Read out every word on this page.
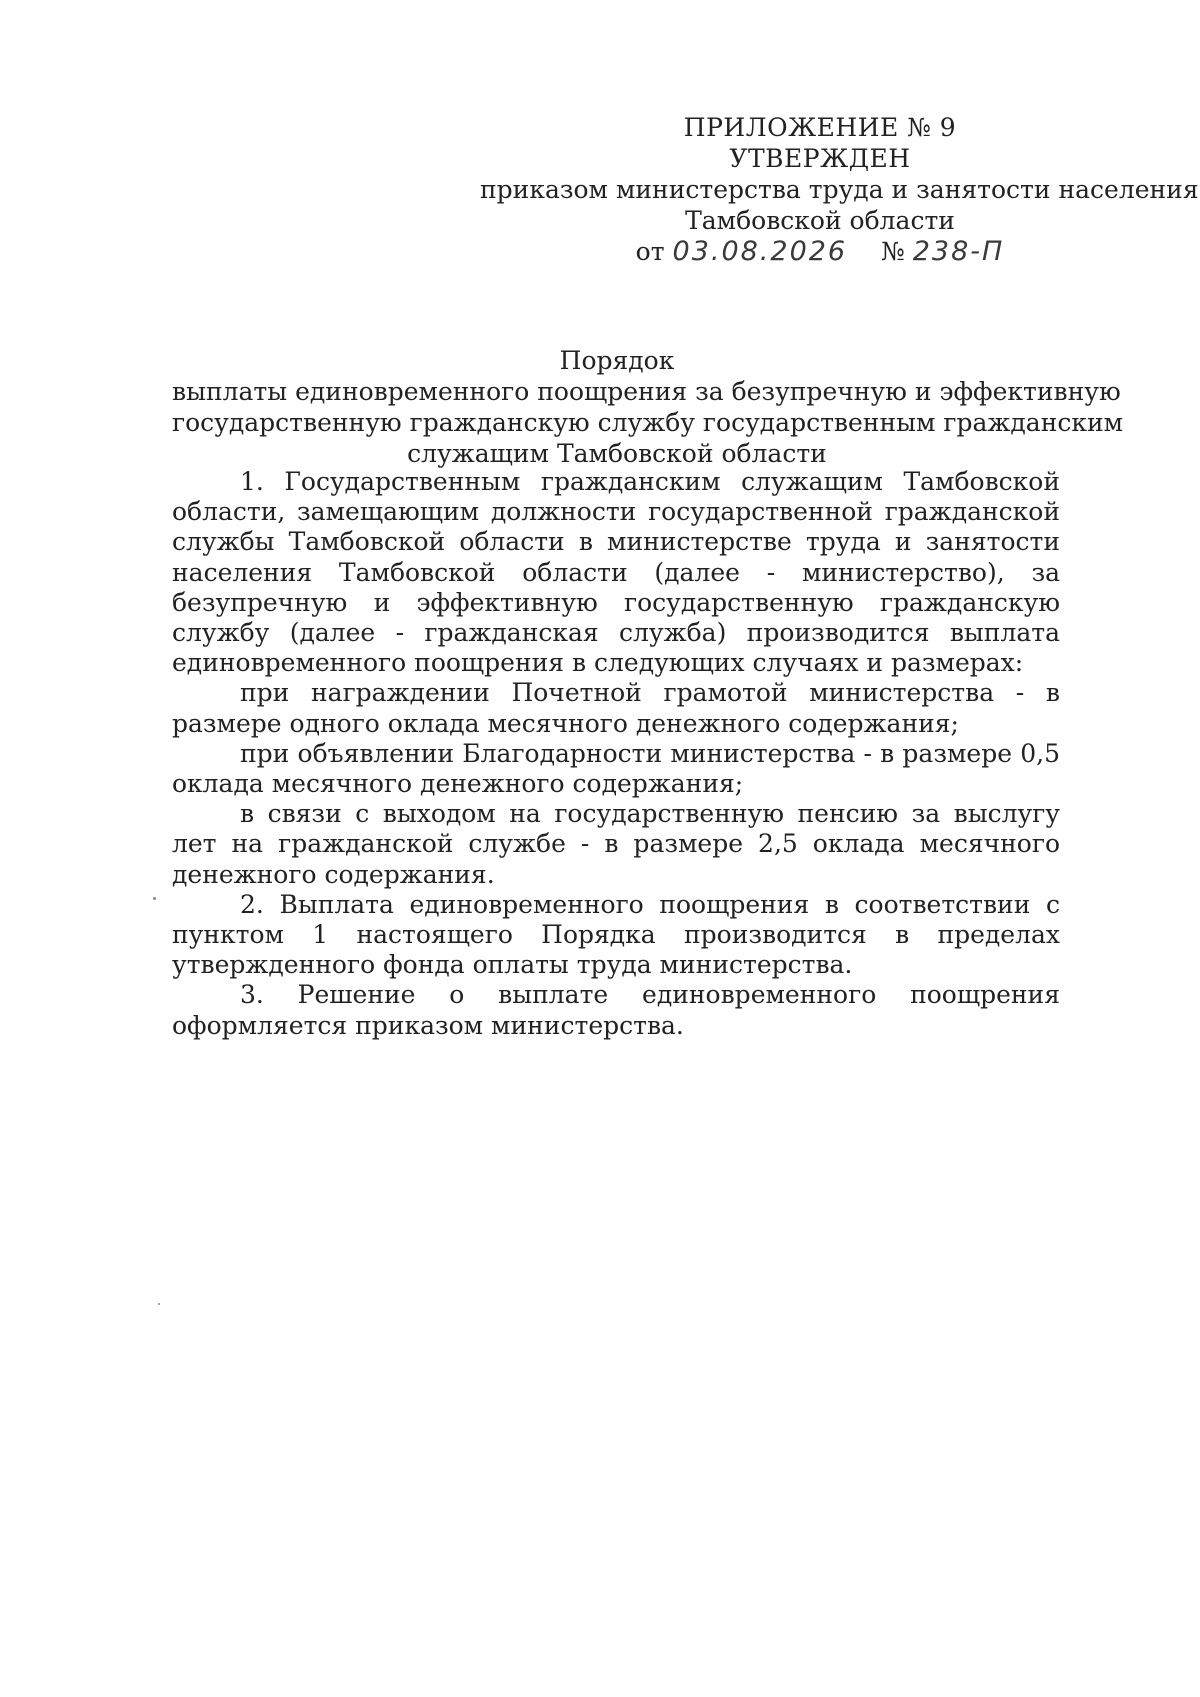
ПРИЛОЖЕНИЕ № 9
УТВЕРЖДЕН
приказом министерства труда и занятости населения
Тамбовской области
от 03.08.2026 № 238-П
Порядок
выплаты единовременного поощрения за безупречную и эффективную
государственную гражданскую службу государственным гражданским
служащим Тамбовской области

1. Государственным гражданским служащим Тамбовской области, замещающим должности государственной гражданской службы Тамбовской области в министерстве труда и занятости населения Тамбовской области (далее - министерство), за безупречную и эффективную государственную гражданскую службу (далее - гражданская служба) производится выплата единовременного поощрения в следующих случаях и размерах:

при награждении Почетной грамотой министерства - в размере одного оклада месячного денежного содержания;

при объявлении Благодарности министерства - в размере 0,5 оклада месячного денежного содержания;

в связи с выходом на государственную пенсию за выслугу лет на гражданской службе - в размере 2,5 оклада месячного денежного содержания.

2. Выплата единовременного поощрения в соответствии с пунктом 1 настоящего Порядка производится в пределах утвержденного фонда оплаты труда министерства.

3. Решение о выплате единовременного поощрения оформляется приказом министерства.
